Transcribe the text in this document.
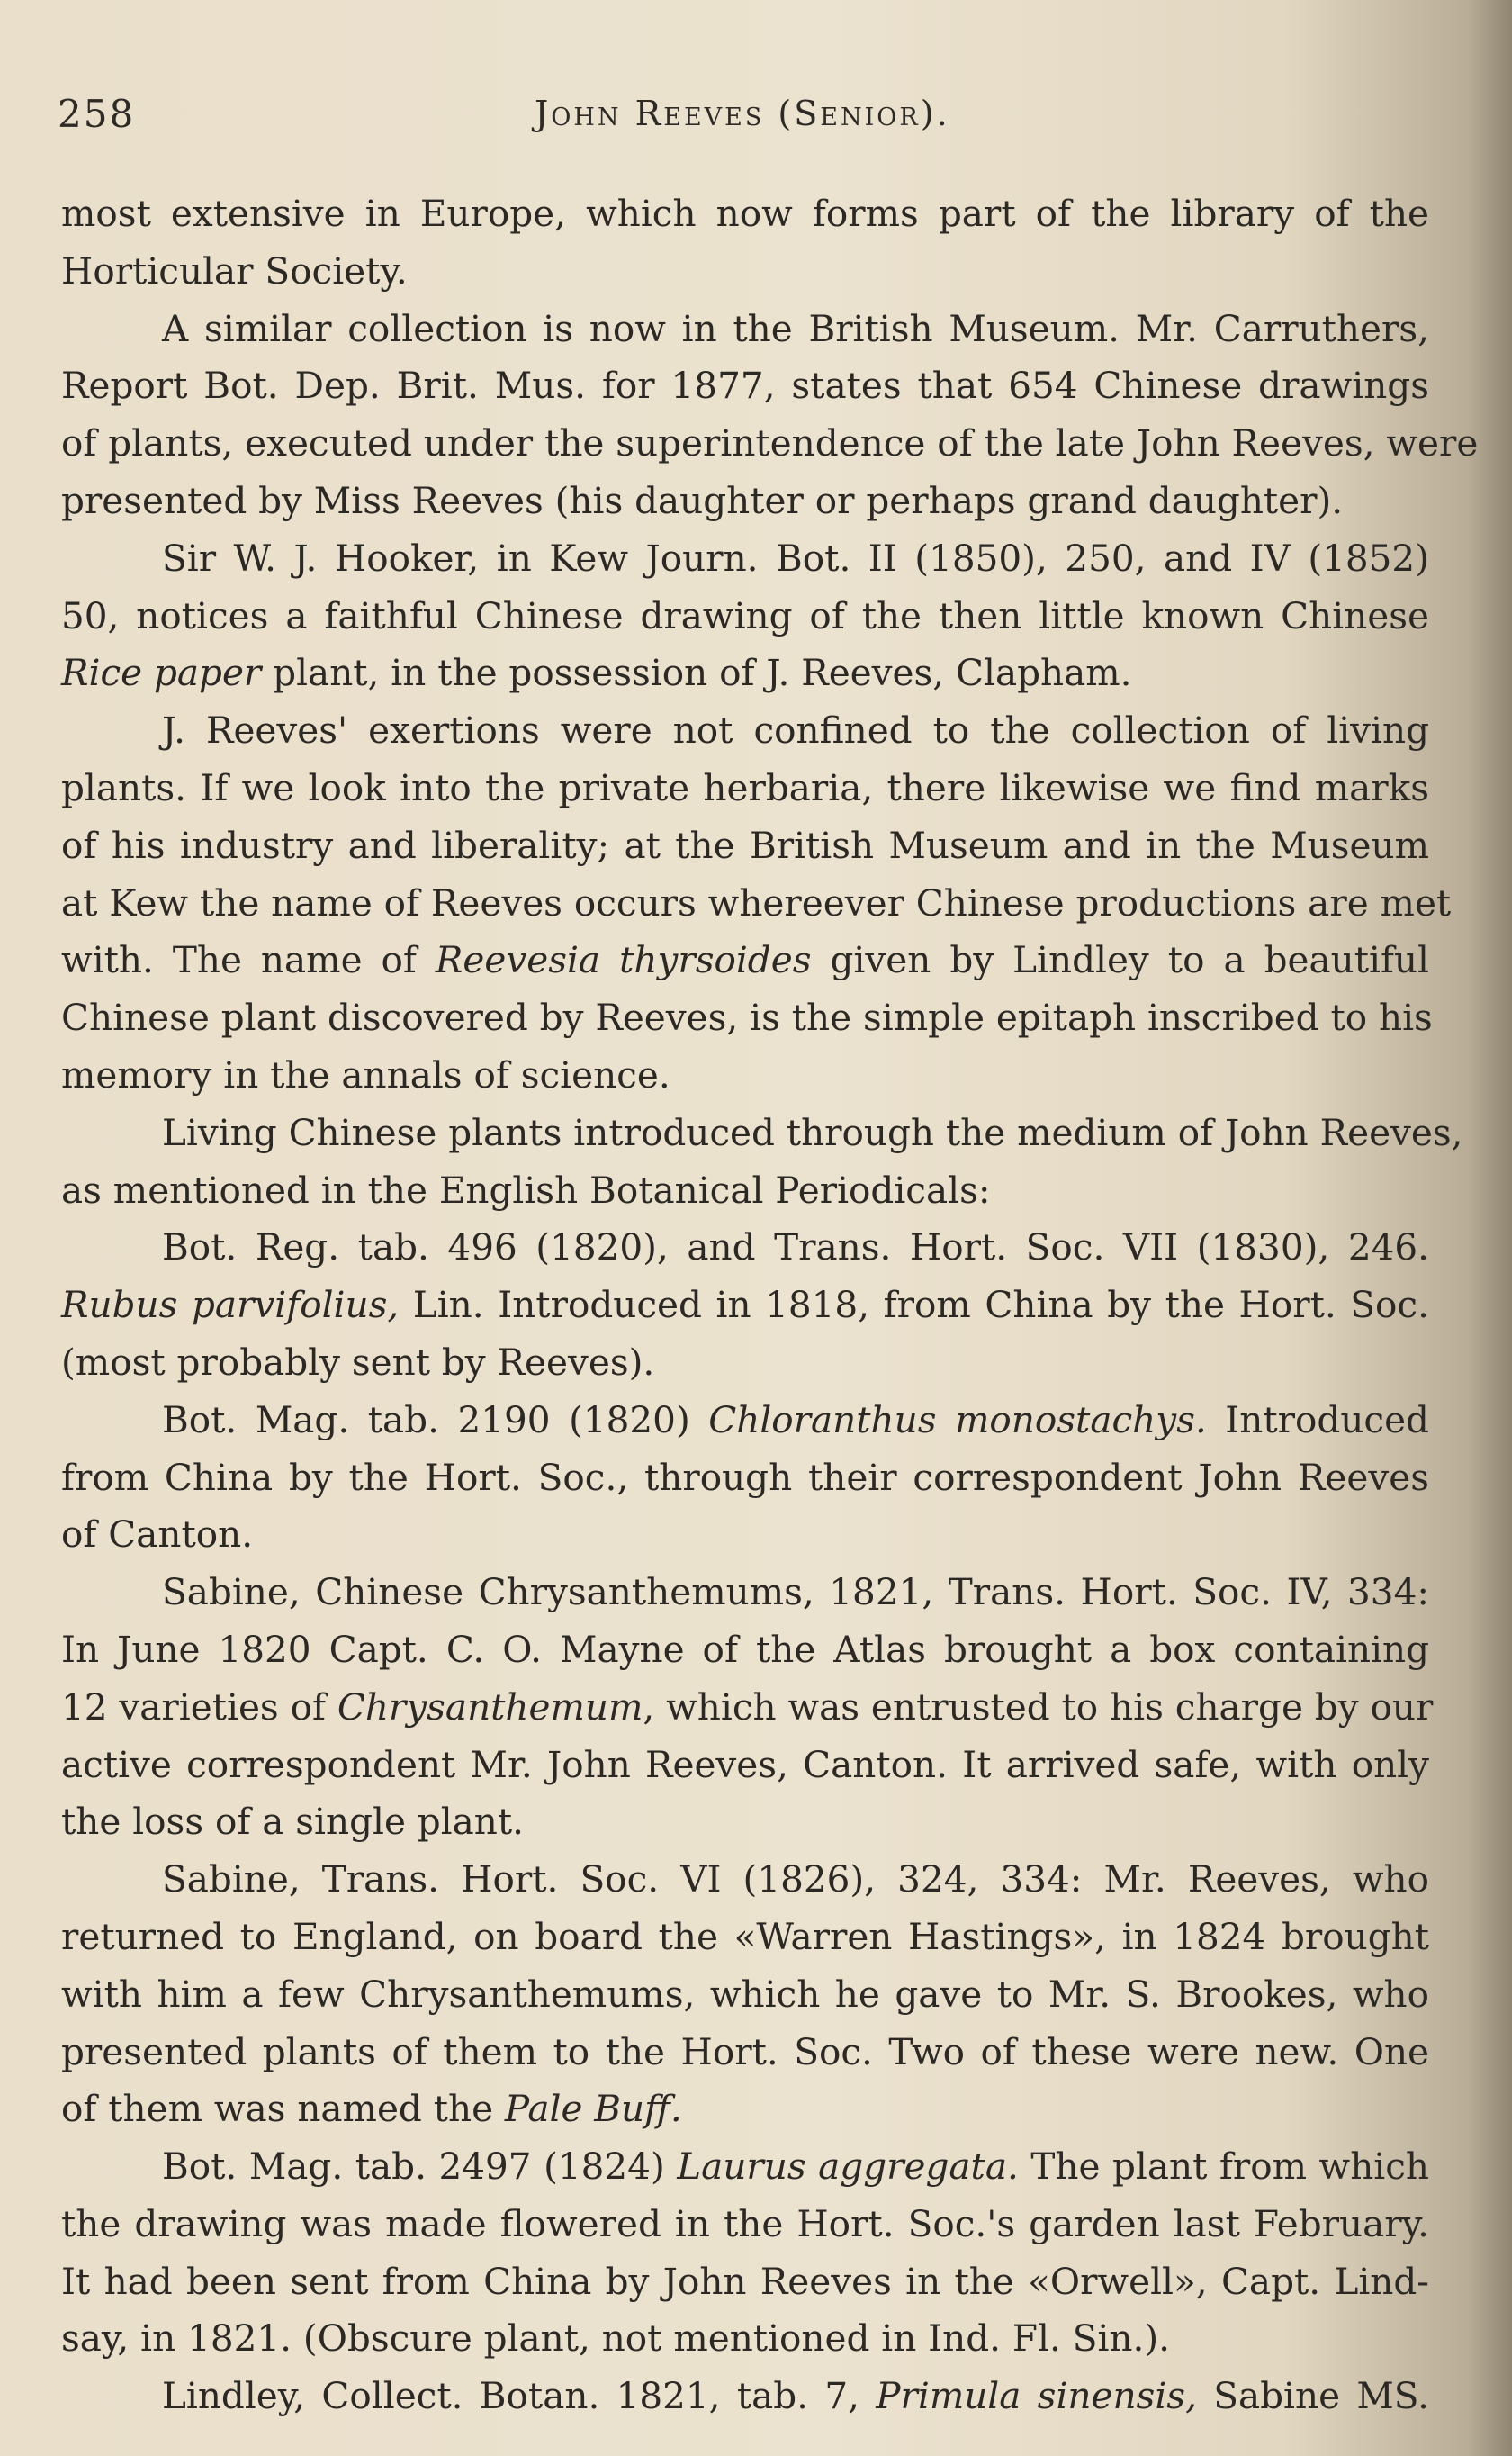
258	John Reeves (Senior).
most extensive in Europe, which now forms part of the library of the
Horticular Society.
A similar collection is now in the British Museum. Mr. Carruthers,
Report Bot. Dep. Brit. Mus. for 1877, states that 654 Chinese drawings
of plants, executed under the superintendence of the late John Reeves, were
presented by Miss Reeves (his daughter or perhaps grand daughter).
Sir W. J. Hooker, in Kew Journ. Bot. II (1850), 250, and IV (1852)
50, notices a faithful Chinese drawing of the then little known Chinese
Rice paper plant, in the possession of J. Reeves, Clapham.
J. Reeves' exertions were not confined to the collection of living
plants. If we look into the private herbaria, there likewise we find marks
of his industry and liberality; at the British Museum and in the Museum
at Kew the name of Reeves occurs whereever Chinese productions are met
with. The name of Reevesia thyrsoides given by Lindley to a beautiful
Chinese plant discovered by Reeves, is the simple epitaph inscribed to his
memory in the annals of science.
Living Chinese plants introduced through the medium of John Reeves,
as mentioned in the English Botanical Periodicals:
Bot. Reg. tab. 496 (1820), and Trans. Hort. Soc. VII (1830), 246.
Rubus parvifolius, Lin. Introduced in 1818, from China by the Hort. Soc.
(most probably sent by Reeves).
Bot. Mag. tab. 2190 (1820) Chloranthus monostachys. Introduced
from China by the Hort. Soc., through their correspondent John Reeves
of Canton.
Sabine, Chinese Chrysanthemums, 1821, Trans. Hort. Soc. IV, 334:
In June 1820 Capt. C. O. Mayne of the Atlas brought a box containing
12 varieties of Chrysanthemum, which was entrusted to his charge by our
active correspondent Mr. John Reeves, Canton. It arrived safe, with only
the loss of a single plant.
Sabine, Trans. Hort. Soc. VI (1826), 324, 334: Mr. Reeves, who
returned to England, on board the «Warren Hastings», in 1824 brought
with him a few Chrysanthemums, which he gave to Mr. S. Brookes, who
presented plants of them to the Hort. Soc. Two of these were new. One
of them was named the Pale Buff.
Bot. Mag. tab. 2497 (1824) Laurus aggregata. The plant from which
the drawing was made flowered in the Hort. Soc.'s garden last February.
It had been sent from China by John Reeves in the «Orwell», Capt. Lind-
say, in 1821. (Obscure plant, not mentioned in Ind. Fl. Sin.).
Lindley, Collect. Botan. 1821, tab. 7, Primula sinensis, Sabine MS.
